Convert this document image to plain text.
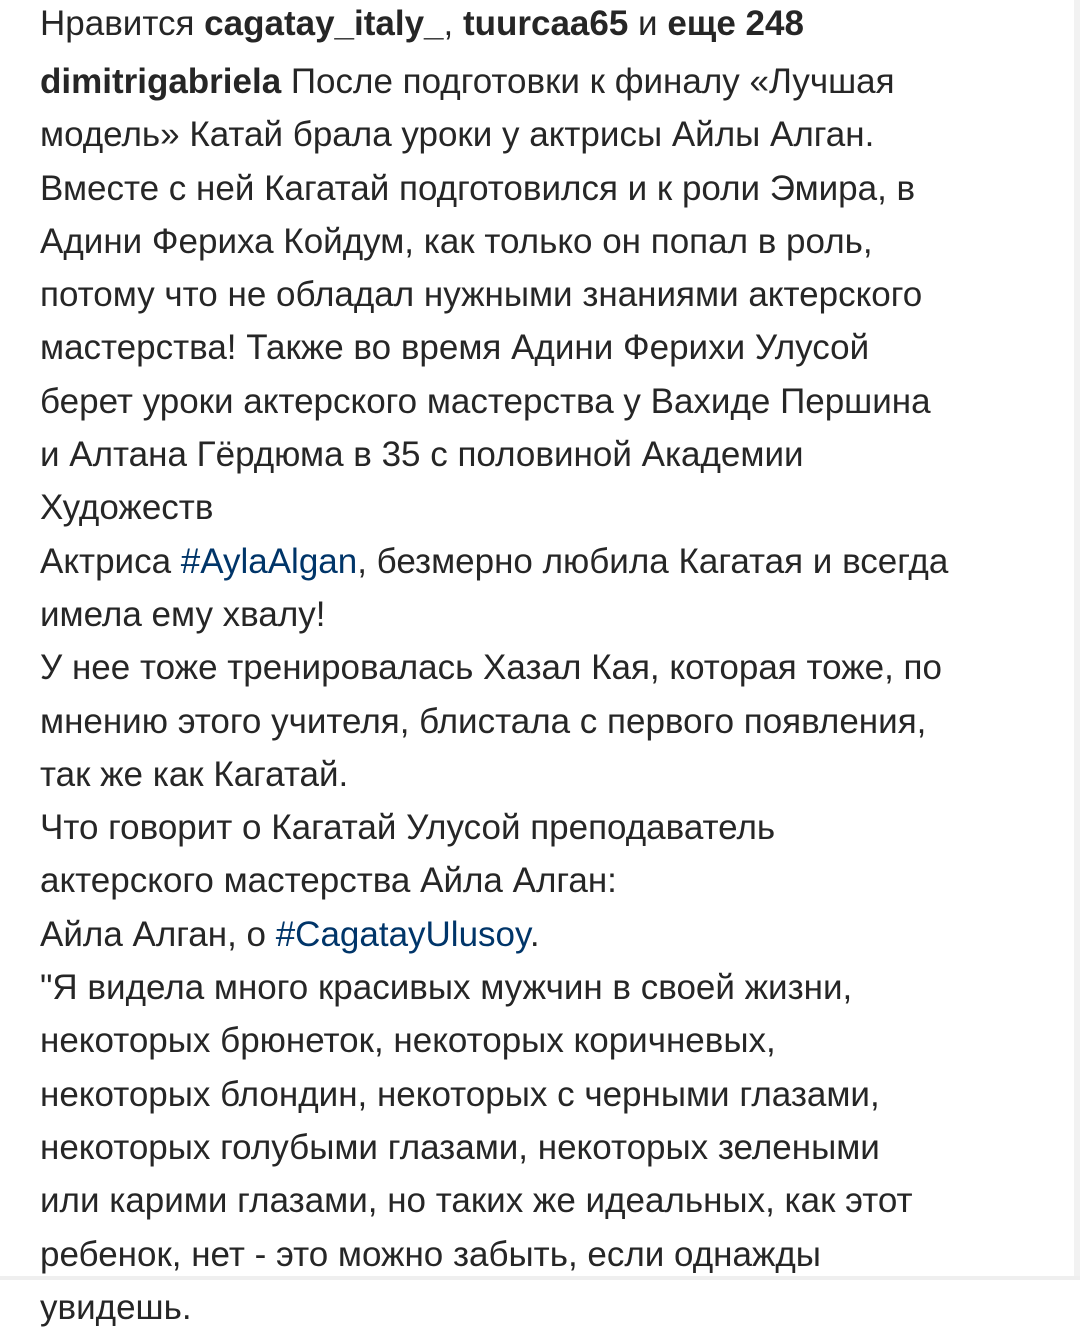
Нравится cagatay_italy_, tuurcaa65 и еще 248
dimitrigabriela После подготовки к финалу «Лучшая
модель» Катай брала уроки у актрисы Айлы Алган.
Вместе с ней Кагатай подготовился и к роли Эмира, в
Адини Фериха Койдум, как только он попал в роль,
потому что не обладал нужными знаниями актерского
мастерства! Также во время Адини Ферихи Улусой
берет уроки актерского мастерства у Вахиде Першина
и Алтана Гёрдюма в 35 с половиной Академии
Художеств
Актриса #AylaAlgan, безмерно любила Кагатая и всегда
имела ему хвалу!
У нее тоже тренировалась Хазал Кая, которая тоже, по
мнению этого учителя, блистала с первого появления,
так же как Кагатай.
Что говорит о Кагатай Улусой преподаватель
актерского мастерства Айла Алган:
Айла Алган, о #CagatayUlusoy.
"Я видела много красивых мужчин в своей жизни,
некоторых брюнеток, некоторых коричневых,
некоторых блондин, некоторых с черными глазами,
некоторых голубыми глазами, некоторых зелеными
или карими глазами, но таких же идеальных, как этот
ребенок, нет - это можно забыть, если однажды
увидешь.
